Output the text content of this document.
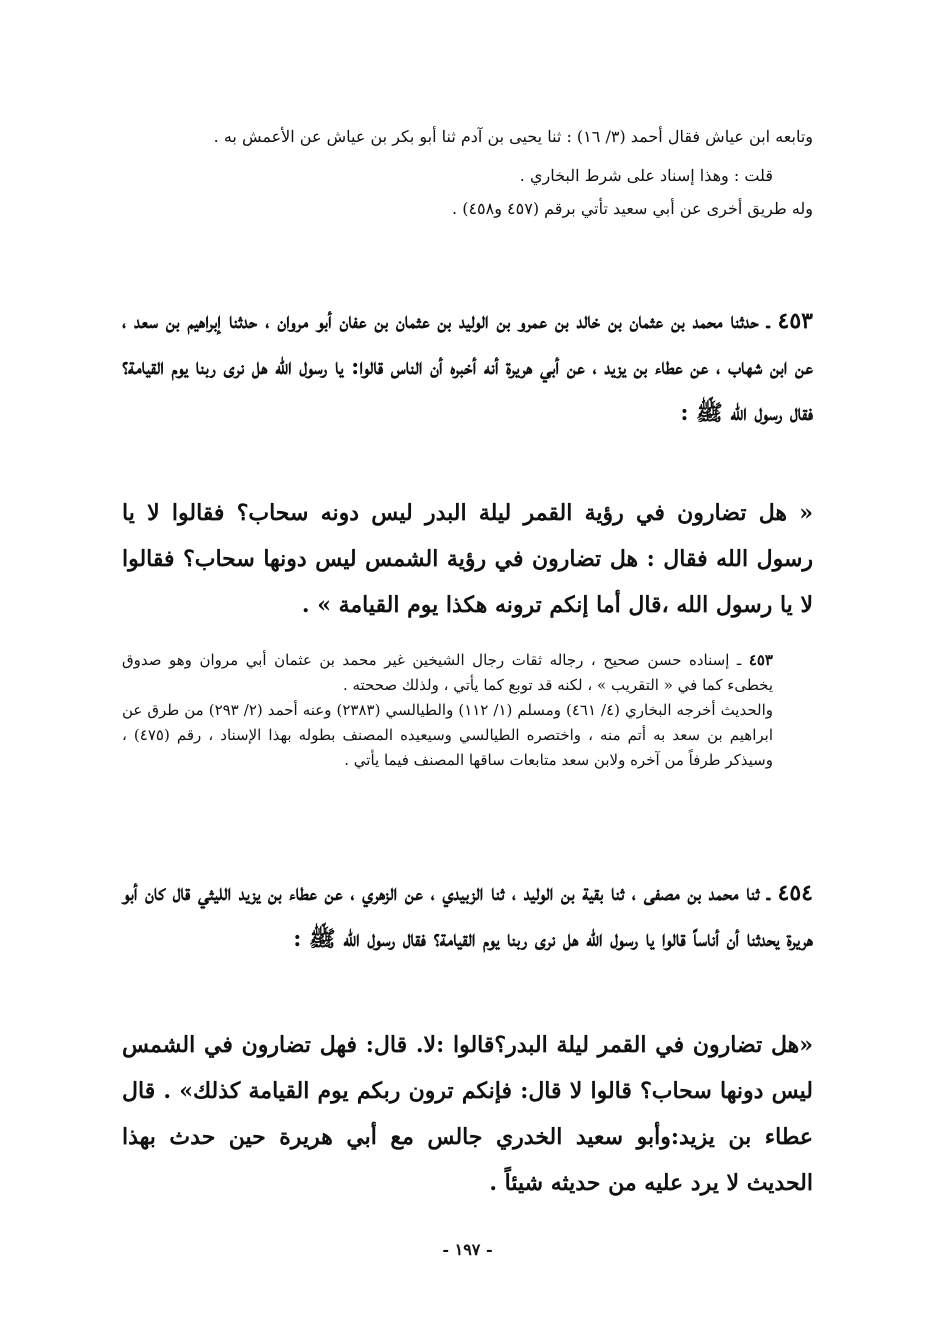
وتابعه ابن عياش فقال أحمد (٣/ ١٦) : ثنا يحيى بن آدم ثنا أبو بكر بن عياش عن الأعمش به .
قلت : وهذا إسناد على شرط البخاري .
وله طريق أخرى عن أبي سعيد تأتي برقم (٤٥٧ و٤٥٨) .
٤٥٣ ـ حدثنا محمد بن عثمان بن خالد بن عمرو بن الوليد بن عثمان بن عفان أبو مروان ، حدثنا إبراهيم بن سعد ، عن ابن شهاب ، عن عطاء بن يزيد ، عن أبي هريرة أنه أخبره أن الناس قالوا: يا رسول الله هل نرى ربنا يوم القيامة؟ فقال رسول الله ﷺ :
« هل تضارون في رؤية القمر ليلة البدر ليس دونه سحاب؟ فقالوا لا يا رسول الله فقال : هل تضارون في رؤية الشمس ليس دونها سحاب؟ فقالوا لا يا رسول الله ،قال أما إنكم ترونه هكذا يوم القيامة » .
٤٥٣ ـ إسناده حسن صحيح ، رجاله ثقات رجال الشيخين غير محمد بن عثمان أبي مروان وهو صدوق يخطىء كما في « التقريب » ، لكنه قد توبع كما يأتي ، ولذلك صححته .
والحديث أخرجه البخاري (٤/ ٤٦١) ومسلم (١/ ١١٢) والطيالسي (٢٣٨٣) وعنه أحمد (٢/ ٢٩٣) من طرق عن ابراهيم بن سعد به أتم منه ، واختصره الطيالسي وسيعيده المصنف بطوله بهذا الإسناد ، رقم (٤٧٥) ، وسيذكر طرفاً من آخره ولابن سعد متابعات ساقها المصنف فيما يأتي .
٤٥٤ ـ ثنا محمد بن مصفى ، ثنا بقية بن الوليد ، ثنا الزبيدي ، عن الزهري ، عن عطاء بن يزيد الليثي قال كان أبو هريرة يحدثنا أن أناساً قالوا يا رسول الله هل نرى ربنا يوم القيامة؟ فقال رسول الله ﷺ :
«هل تضارون في القمر ليلة البدر؟قالوا :لا. قال: فهل تضارون في الشمس ليس دونها سحاب؟ قالوا لا قال: فإنكم ترون ربكم يوم القيامة كذلك» . قال عطاء بن يزيد:وأبو سعيد الخدري جالس مع أبي هريرة حين حدث بهذا الحديث لا يرد عليه من حديثه شيئاً .
- ١٩٧ -
